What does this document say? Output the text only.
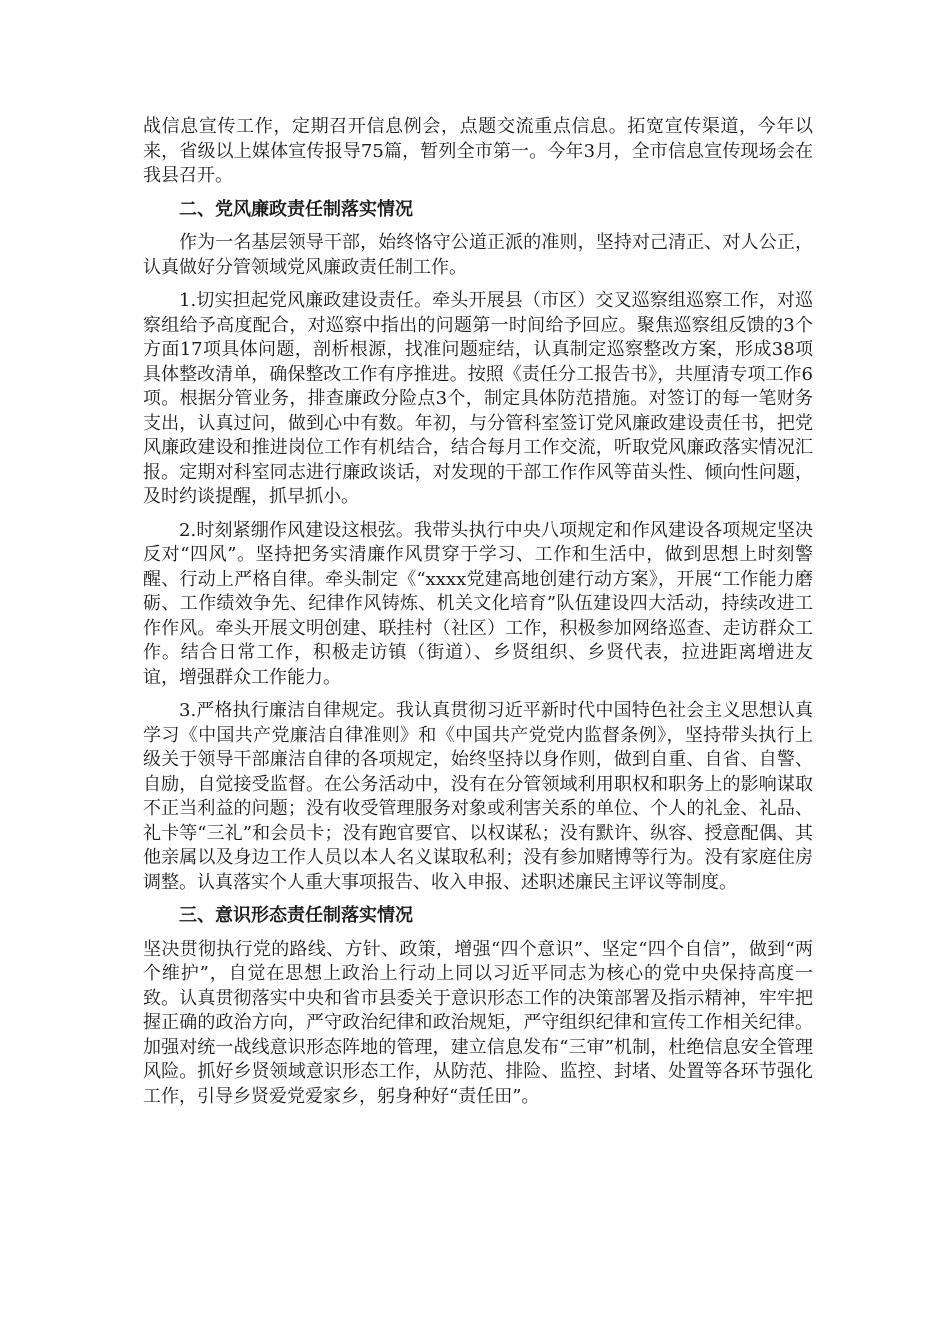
战信息宣传工作，定期召开信息例会，点题交流重点信息。拓宽宣传渠道，今年以来，省级以上媒体宣传报导75篇，暂列全市第一。今年3月，全市信息宣传现场会在我县召开。

二、党风廉政责任制落实情况

作为一名基层领导干部，始终恪守公道正派的准则，坚持对己清正、对人公正，认真做好分管领域党风廉政责任制工作。

1.切实担起党风廉政建设责任。牵头开展县（市区）交叉巡察组巡察工作，对巡察组给予高度配合，对巡察中指出的问题第一时间给予回应。聚焦巡察组反馈的3个方面17项具体问题，剖析根源，找准问题症结，认真制定巡察整改方案，形成38项具体整改清单，确保整改工作有序推进。按照《责任分工报告书》，共厘清专项工作6项。根据分管业务，排查廉政分险点3个，制定具体防范措施。对签订的每一笔财务支出，认真过问，做到心中有数。年初，与分管科室签订党风廉政建设责任书，把党风廉政建设和推进岗位工作有机结合，结合每月工作交流，听取党风廉政落实情况汇报。定期对科室同志进行廉政谈话，对发现的干部工作作风等苗头性、倾向性问题，及时约谈提醒，抓早抓小。

2.时刻紧绷作风建设这根弦。我带头执行中央八项规定和作风建设各项规定坚决反对“四风”。坚持把务实清廉作风贯穿于学习、工作和生活中，做到思想上时刻警醒、行动上严格自律。牵头制定《“xxxx党建高地创建行动方案》，开展“工作能力磨砺、工作绩效争先、纪律作风铸炼、机关文化培育”队伍建设四大活动，持续改进工作作风。牵头开展文明创建、联挂村（社区）工作，积极参加网络巡查、走访群众工作。结合日常工作，积极走访镇（街道）、乡贤组织、乡贤代表，拉进距离增进友谊，增强群众工作能力。

3.严格执行廉洁自律规定。我认真贯彻习近平新时代中国特色社会主义思想认真学习《中国共产党廉洁自律准则》和《中国共产党党内监督条例》，坚持带头执行上级关于领导干部廉洁自律的各项规定，始终坚持以身作则，做到自重、自省、自警、自励，自觉接受监督。在公务活动中，没有在分管领域利用职权和职务上的影响谋取不正当利益的问题；没有收受管理服务对象或利害关系的单位、个人的礼金、礼品、礼卡等“三礼”和会员卡；没有跑官要官、以权谋私；没有默许、纵容、授意配偶、其他亲属以及身边工作人员以本人名义谋取私利；没有参加赌博等行为。没有家庭住房调整。认真落实个人重大事项报告、收入申报、述职述廉民主评议等制度。

三、意识形态责任制落实情况

坚决贯彻执行党的路线、方针、政策，增强“四个意识”、坚定“四个自信”，做到“两个维护”，自觉在思想上政治上行动上同以习近平同志为核心的党中央保持高度一致。认真贯彻落实中央和省市县委关于意识形态工作的决策部署及指示精神，牢牢把握正确的政治方向，严守政治纪律和政治规矩，严守组织纪律和宣传工作相关纪律。加强对统一战线意识形态阵地的管理，建立信息发布“三审”机制，杜绝信息安全管理风险。抓好乡贤领域意识形态工作，从防范、排险、监控、封堵、处置等各环节强化工作，引导乡贤爱党爱家乡，躬身种好“责任田”。
